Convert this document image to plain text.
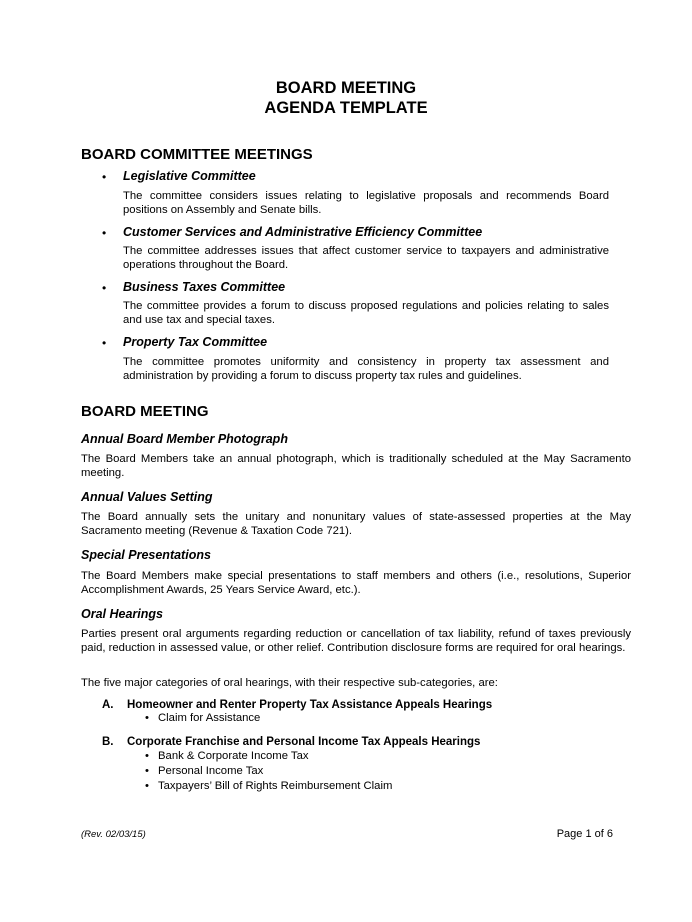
BOARD MEETING
AGENDA TEMPLATE
BOARD COMMITTEE MEETINGS
• Legislative Committee
The committee considers issues relating to legislative proposals and recommends Board positions on Assembly and Senate bills.
• Customer Services and Administrative Efficiency Committee
The committee addresses issues that affect customer service to taxpayers and administrative operations throughout the Board.
• Business Taxes Committee
The committee provides a forum to discuss proposed regulations and policies relating to sales and use tax and special taxes.
• Property Tax Committee
The committee promotes uniformity and consistency in property tax assessment and administration by providing a forum to discuss property tax rules and guidelines.
BOARD MEETING
Annual Board Member Photograph
The Board Members take an annual photograph, which is traditionally scheduled at the May Sacramento meeting.
Annual Values Setting
The Board annually sets the unitary and nonunitary values of state-assessed properties at the May Sacramento meeting (Revenue & Taxation Code 721).
Special Presentations
The Board Members make special presentations to staff members and others (i.e., resolutions, Superior Accomplishment Awards, 25 Years Service Award, etc.).
Oral Hearings
Parties present oral arguments regarding reduction or cancellation of tax liability, refund of taxes previously paid, reduction in assessed value, or other relief. Contribution disclosure forms are required for oral hearings.
The five major categories of oral hearings, with their respective sub-categories, are:
A. Homeowner and Renter Property Tax Assistance Appeals Hearings
• Claim for Assistance
B. Corporate Franchise and Personal Income Tax Appeals Hearings
• Bank & Corporate Income Tax
• Personal Income Tax
• Taxpayers’ Bill of Rights Reimbursement Claim
(Rev. 02/03/15)	Page 1 of 6
